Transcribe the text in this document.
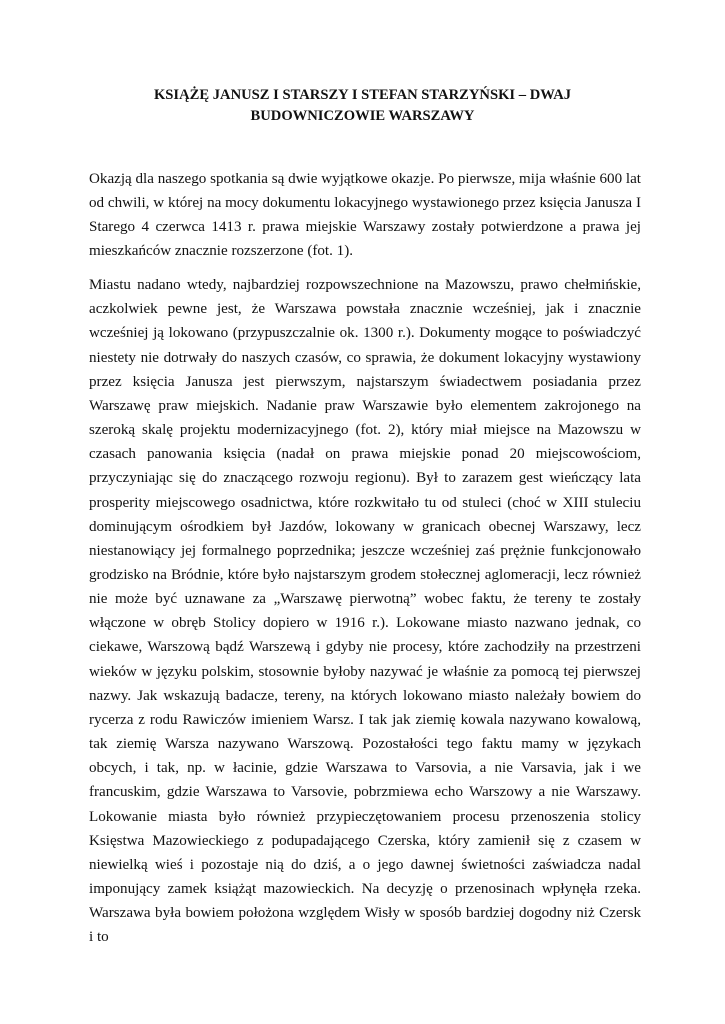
KSIĄŻĘ JANUSZ I STARSZY I STEFAN STARZYŃSKI – DWAJ BUDOWNICZOWIE WARSZAWY

Okazją dla naszego spotkania są dwie wyjątkowe okazje. Po pierwsze, mija właśnie 600 lat od chwili, w której na mocy dokumentu lokacyjnego wystawionego przez księcia Janusza I Starego 4 czerwca 1413 r. prawa miejskie Warszawy zostały potwierdzone a prawa jej mieszkańców znacznie rozszerzone (fot. 1).

Miastu nadano wtedy, najbardziej rozpowszechnione na Mazowszu, prawo chełmińskie, aczkolwiek pewne jest, że Warszawa powstała znacznie wcześniej, jak i znacznie wcześniej ją lokowano (przypuszczalnie ok. 1300 r.). Dokumenty mogące to poświadczyć niestety nie dotrwały do naszych czasów, co sprawia, że dokument lokacyjny wystawiony przez księcia Janusza jest pierwszym, najstarszym świadectwem posiadania przez Warszawę praw miejskich. Nadanie praw Warszawie było elementem zakrojonego na szeroką skalę projektu modernizacyjnego (fot. 2), który miał miejsce na Mazowszu w czasach panowania księcia (nadał on prawa miejskie ponad 20 miejscowościom, przyczyniając się do znaczącego rozwoju regionu). Był to zarazem gest wieńczący lata prosperity miejscowego osadnictwa, które rozkwitało tu od stuleci (choć w XIII stuleciu dominującym ośrodkiem był Jazdów, lokowany w granicach obecnej Warszawy, lecz niestanowiący jej formalnego poprzednika; jeszcze wcześniej zaś prężnie funkcjonowało grodzisko na Bródnie, które było najstarszym grodem stołecznej aglomeracji, lecz również nie może być uznawane za „Warszawę pierwotną” wobec faktu, że tereny te zostały włączone w obręb Stolicy dopiero w 1916 r.). Lokowane miasto nazwano jednak, co ciekawe, Warszową bądź Warszewą i gdyby nie procesy, które zachodziły na przestrzeni wieków w języku polskim, stosownie byłoby nazywać je właśnie za pomocą tej pierwszej nazwy. Jak wskazują badacze, tereny, na których lokowano miasto należały bowiem do rycerza z rodu Rawiczów imieniem Warsz. I tak jak ziemię kowala nazywano kowalową, tak ziemię Warsza nazywano Warszową. Pozostałości tego faktu mamy w językach obcych, i tak, np. w łacinie, gdzie Warszawa to Varsovia, a nie Varsavia, jak i we francuskim, gdzie Warszawa to Varsovie, pobrzmiewa echo Warszowy a nie Warszawy. Lokowanie miasta było również przypieczętowaniem procesu przenoszenia stolicy Księstwa Mazowieckiego z podupadającego Czerska, który zamienił się z czasem w niewielką wieś i pozostaje nią do dziś, a o jego dawnej świetności zaświadcza nadal imponujący zamek książąt mazowieckich. Na decyzję o przenosinach wpłynęła rzeka. Warszawa była bowiem położona względem Wisły w sposób bardziej dogodny niż Czersk i to
